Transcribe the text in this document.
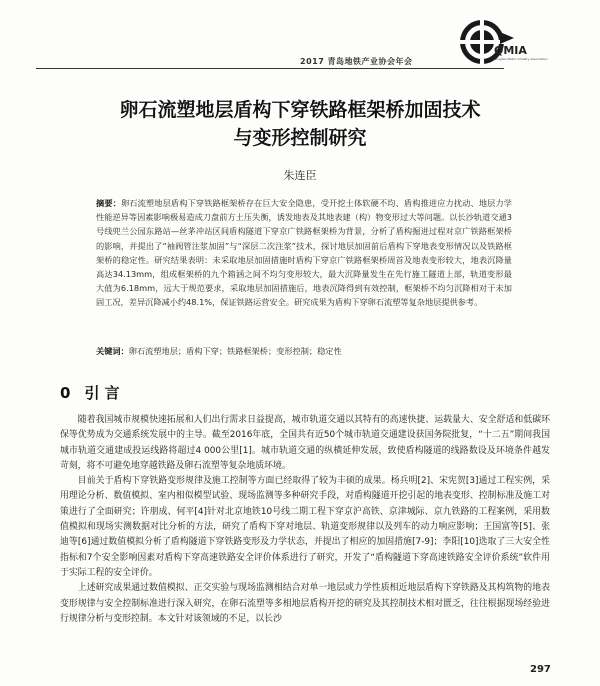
QMIA
Qingdao Metro Industry Association
2017 青岛地铁产业协会年会
卵石流塑地层盾构下穿铁路框架桥加固技术
与变形控制研究
朱连臣
摘要：卵石流塑地层盾构下穿铁路框架桥存在巨大安全隐患，受开挖土体软硬不均、盾构推进应力扰动、地层力学性能逆异等因素影响极易造成刀盘前方土压失衡，诱发地表及其地表建（构）物变形过大等问题。以长沙轨道交通3号线兜兰公园东路站—丝茅冲站区间盾构隧道下穿京广铁路框架桥为背景，分析了盾构掘进过程对京广铁路框架桥的影响，并提出了“袖阀管注浆加固”与“深层二次注浆”技术，探讨地层加固前后盾构下穿地表变形情况以及铁路框架桥的稳定性。研究结果表明：未采取地层加固措施时盾构下穿京广铁路框架桥周首及地表变形较大，地表沉降量高达34.13mm，组成框架桥的九个箱涵之间不均匀变形较大，最大沉降量发生在先行施工隧道上部，轨道变形最大值为6.18mm，远大于规范要求，采取地层加固措施后，地表沉降得到有效控制，框架桥不均匀沉降相对于未加固工况，差异沉降减小约48.1%，保证铁路运营安全。研究成果为盾构下穿卵石流塑等复杂地层提供参考。
关键词：卵石流塑地层；盾构下穿；铁路框架桥；变形控制；稳定性
0 引 言

随着我国城市规模快速拓展和人们出行需求日益提高，城市轨道交通以其特有的高速快捷、运载量大、安全舒适和低碳环保等优势成为交通系统发展中的主导。截至2016年底，全国共有近50个城市轨道交通建设获国务院批复，“十二五”期间我国城市轨道交通建成投运线路将超过4 000公里[1]。城市轨道交通的纵横延伸发展，致使盾构隧道的线路数设及环境条件越发苛刻，将不可避免地穿越铁路及卵石流塑等复杂地质环境。

目前关于盾构下穿铁路变形规律及施工控制等方面已经取得了较为丰硕的成果。杨兵明[2]、宋宪贺[3]通过工程实例，采用理论分析、数值模拟、室内相似模型试验、现场监测等多种研究手段，对盾构隧道开挖引起的地表变形、控制标准及施工对策进行了全面研究；许朋成、何平[4]针对北京地铁10号线二期工程下穿京沪高铁、京津城际、京九铁路的工程案例，采用数值模拟和现场实测数据对比分析的方法，研究了盾构下穿对地层、轨道变形规律以及列车的动力响应影响；王国富等[5]、张迪等[6]通过数值模拟分析了盾构隧道下穿铁路变形及力学状态，并提出了相应的加固措施[7-9]；李阳[10]选取了三大安全性指标和7个安全影响因素对盾构下穿高速铁路安全评价体系进行了研究，开发了“盾构隧道下穿高速铁路安全评价系统”软件用于实际工程的安全评价。

上述研究成果通过数值模拟、正交实验与现场监测相结合对单一地层或力学性质相近地层盾构下穿铁路及其构筑物的地表变形规律与安全控制标准进行深入研究，在卵石流塑等多相地层盾构开挖的研究及其控制技术相对匮乏，往往根据现场经验进行规律分析与变形控制。本文针对该领域的不足，以长沙

297
